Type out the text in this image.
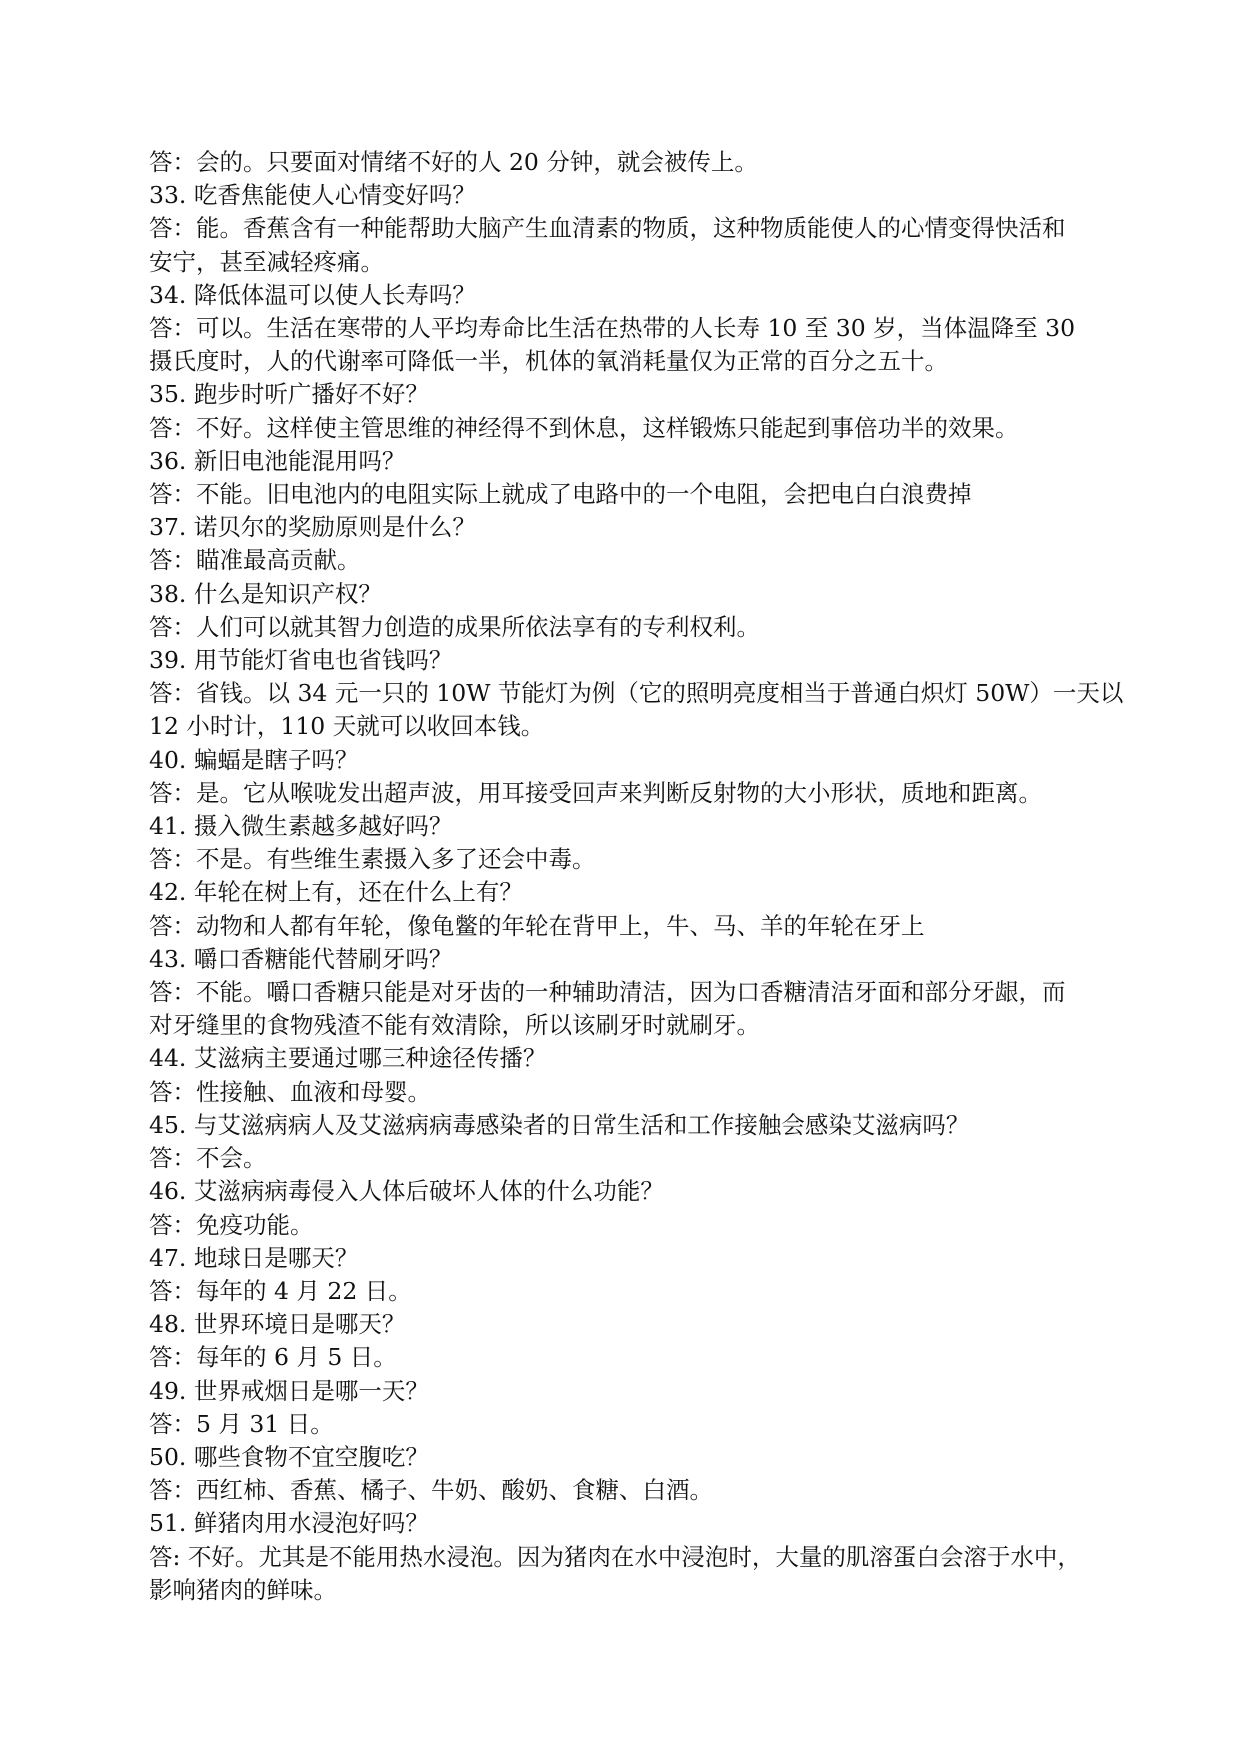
答：会的。只要面对情绪不好的人 20 分钟，就会被传上。

33. 吃香焦能使人心情变好吗？

答：能。香蕉含有一种能帮助大脑产生血清素的物质，这种物质能使人的心情变得快活和

安宁，甚至减轻疼痛。

34. 降低体温可以使人长寿吗？

答：可以。生活在寒带的人平均寿命比生活在热带的人长寿 10 至 30 岁，当体温降至 30

摄氏度时，人的代谢率可降低一半，机体的氧消耗量仅为正常的百分之五十。

35. 跑步时听广播好不好？

答：不好。这样使主管思维的神经得不到休息，这样锻炼只能起到事倍功半的效果。

36. 新旧电池能混用吗？

答：不能。旧电池内的电阻实际上就成了电路中的一个电阻，会把电白白浪费掉

37. 诺贝尔的奖励原则是什么？

答：瞄准最高贡献。

38. 什么是知识产权？

答：人们可以就其智力创造的成果所依法享有的专利权利。

39. 用节能灯省电也省钱吗？

答：省钱。以 34 元一只的 10W 节能灯为例（它的照明亮度相当于普通白炽灯 50W）一天以

12 小时计，110 天就可以收回本钱。

40. 蝙蝠是瞎子吗？

答：是。它从喉咙发出超声波，用耳接受回声来判断反射物的大小形状，质地和距离。

41. 摄入微生素越多越好吗？

答：不是。有些维生素摄入多了还会中毒。

42. 年轮在树上有，还在什么上有？

答：动物和人都有年轮，像龟鳖的年轮在背甲上，牛、马、羊的年轮在牙上

43. 嚼口香糖能代替刷牙吗？

答：不能。嚼口香糖只能是对牙齿的一种辅助清洁，因为口香糖清洁牙面和部分牙龈，而

对牙缝里的食物残渣不能有效清除，所以该刷牙时就刷牙。

44. 艾滋病主要通过哪三种途径传播？

答：性接触、血液和母婴。

45. 与艾滋病病人及艾滋病病毒感染者的日常生活和工作接触会感染艾滋病吗？

答：不会。

46. 艾滋病病毒侵入人体后破坏人体的什么功能？

答：免疫功能。

47. 地球日是哪天？

答：每年的 4 月 22 日。

48. 世界环境日是哪天？

答：每年的 6 月 5 日。

49. 世界戒烟日是哪一天？

答：5 月 31 日。

50. 哪些食物不宜空腹吃？

答：西红柿、香蕉、橘子、牛奶、酸奶、食糖、白酒。

51. 鲜猪肉用水浸泡好吗？

答: 不好。尤其是不能用热水浸泡。因为猪肉在水中浸泡时，大量的肌溶蛋白会溶于水中，

影响猪肉的鲜味。
